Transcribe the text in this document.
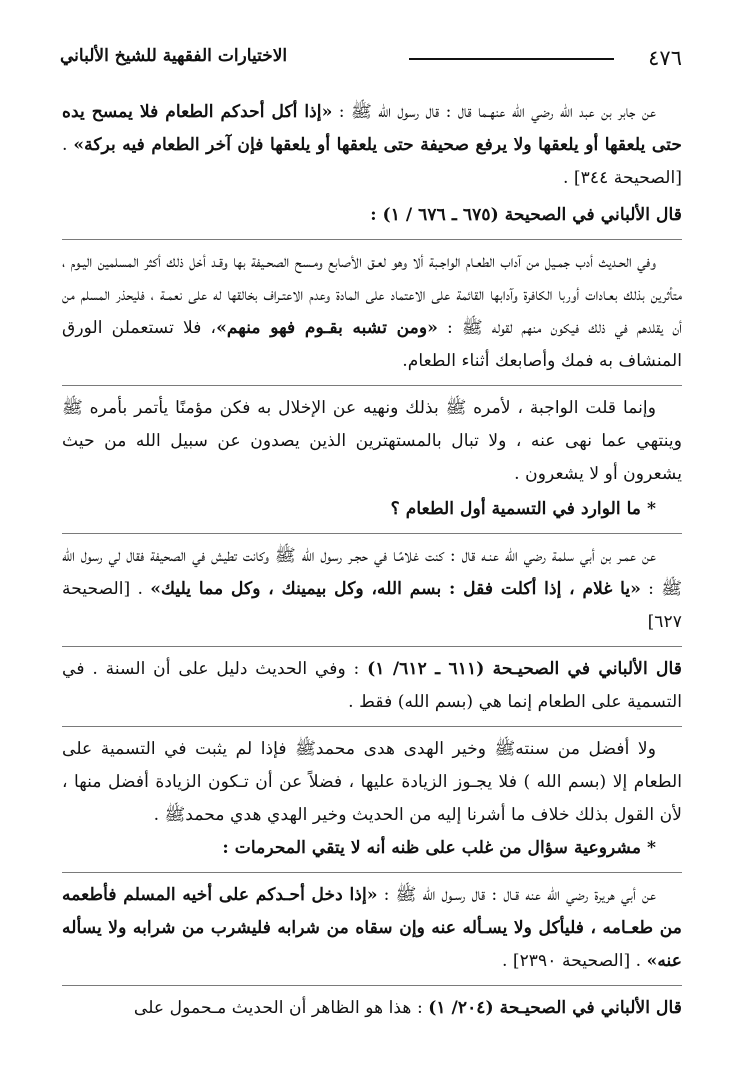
٤٧٦
الاختيارات الفقهية للشيخ الألباني

عن جابر بن عبد الله رضي الله عنهـما قال : قال رسول الله ﷺ : «إذا أكل أحدكم الطعام فلا يمسح يده حتى يلعقها أو يلعقها ولا يرفع صحيفة حتى يلعقها أو يلعقها فإن آخر الطعام فيه بركة» . [الصحيحة ٣٤٤] .

قال الألباني في الصحيحة (٦٧٥ ـ ٦٧٦ / ١) :

وفي الحـديث أدب جمـيل من آداب الطعـام الواجـبة ألا وهو لعـق الأصابع ومـسح الصحـيفة بها وقـد أخل ذلك أكثر المسلمين اليـوم ، متأثرين بذلك بعـادات أوربا الكافرة وآدابها القائمة على الاعتماد على المادة وعدم الاعتـراف بخالقها له على نعمـة ، فليحذر المسلم من أن يقلدهم في ذلك فيكون منهم لقوله ﷺ : «ومن تشبه بقـوم فهو منهم»، فلا تستعملن الورق المنشاف به فمك وأصابعك أثناء الطعام.

وإنما قلت الواجبة ، لأمره ﷺ بذلك ونهيه عن الإخلال به فكن مؤمنًا يأتمر بأمره ﷺ وينتهي عما نهى عنه ، ولا تبال بالمستهترين الذين يصدون عن سبيل الله من حيث يشعرون أو لا يشعرون .

* ما الوارد في التسمية أول الطعام ؟

عن عمـر بن أبي سلمة رضي الله عنـه قال : كنت غلامًـا في حجـر رسول الله ﷺ وكانت تطيش في الصحيفة فقال لي رسول الله ﷺ : «يا غلام ، إذا أكلت فقل : بسم الله، وكل بيمينك ، وكل مما يليك» . [الصحيحة ٦٢٧]

قال الألباني في الصحيـحة (٦١١ ـ ٦١٢/ ١) : وفي الحديث دليل على أن السنة . في التسمية على الطعام إنما هي (بسم الله) فقط .

ولا أفضل من سنتهﷺ وخير الهدى هدى محمدﷺ فإذا لم يثبت في التسمية على الطعام إلا (بسم الله ) فلا يجـوز الزيادة عليها ، فضلاً عن أن تـكون الزيادة أفضل منها ، لأن القول بذلك خلاف ما أشرنا إليه من الحديث وخير الهدي هدي محمدﷺ .

* مشروعية سؤال من غلب على ظنه أنه لا يتقي المحرمات :

عن أبي هريرة رضي الله عنه قـال : قال رسـول الله ﷺ : «إذا دخل أحـدكم على أخيه المسلم فأطعمه من طعـامه ، فليأكل ولا يسـأله عنه وإن سقاه من شرابه فليشرب من شرابه ولا يسأله عنه» . [الصحيحة ٢٣٩٠] .

قال الألباني في الصحيـحة (٢٠٤/ ١) : هذا هو الظاهر أن الحديث مـحمول على
